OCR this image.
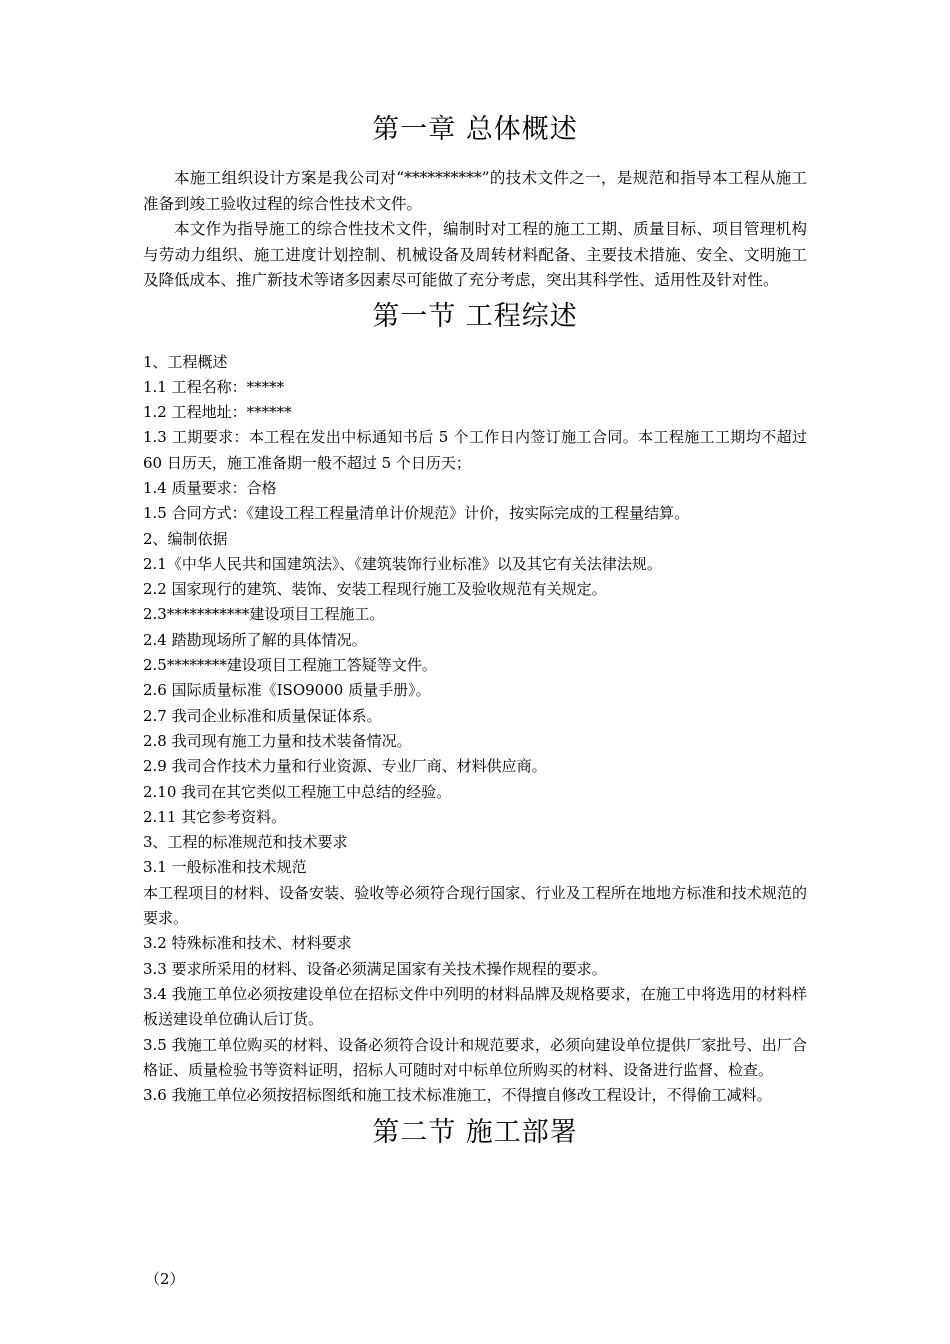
第一章 总体概述

本施工组织设计方案是我公司对“**********”的技术文件之一，是规范和指导本工程从施工准备到竣工验收过程的综合性技术文件。

本文作为指导施工的综合性技术文件，编制时对工程的施工工期、质量目标、项目管理机构与劳动力组织、施工进度计划控制、机械设备及周转材料配备、主要技术措施、安全、文明施工及降低成本、推广新技术等诸多因素尽可能做了充分考虑，突出其科学性、适用性及针对性。

第一节 工程综述

1、工程概述

1.1 工程名称：*****

1.2 工程地址：******

1.3 工期要求：本工程在发出中标通知书后 5 个工作日内签订施工合同。本工程施工工期均不超过 60 日历天，施工准备期一般不超过 5 个日历天；

1.4 质量要求：合格

1.5 合同方式：《建设工程工程量清单计价规范》计价，按实际完成的工程量结算。

2、编制依据

2.1《中华人民共和国建筑法》、《建筑装饰行业标准》以及其它有关法律法规。

2.2 国家现行的建筑、装饰、安装工程现行施工及验收规范有关规定。

2.3***********建设项目工程施工。

2.4 踏勘现场所了解的具体情况。

2.5********建设项目工程施工答疑等文件。

2.6 国际质量标准《ISO9000 质量手册》。

2.7 我司企业标准和质量保证体系。

2.8 我司现有施工力量和技术装备情况。

2.9 我司合作技术力量和行业资源、专业厂商、材料供应商。

2.10 我司在其它类似工程施工中总结的经验。

2.11 其它参考资料。

3、工程的标准规范和技术要求

3.1 一般标准和技术规范

本工程项目的材料、设备安装、验收等必须符合现行国家、行业及工程所在地地方标准和技术规范的要求。

3.2 特殊标准和技术、材料要求

3.3 要求所采用的材料、设备必须满足国家有关技术操作规程的要求。

3.4 我施工单位必须按建设单位在招标文件中列明的材料品牌及规格要求，在施工中将选用的材料样板送建设单位确认后订货。

3.5 我施工单位购买的材料、设备必须符合设计和规范要求，必须向建设单位提供厂家批号、出厂合格证、质量检验书等资料证明，招标人可随时对中标单位所购买的材料、设备进行监督、检查。

3.6 我施工单位必须按招标图纸和施工技术标准施工，不得擅自修改工程设计，不得偷工减料。

第二节 施工部署
（2）
